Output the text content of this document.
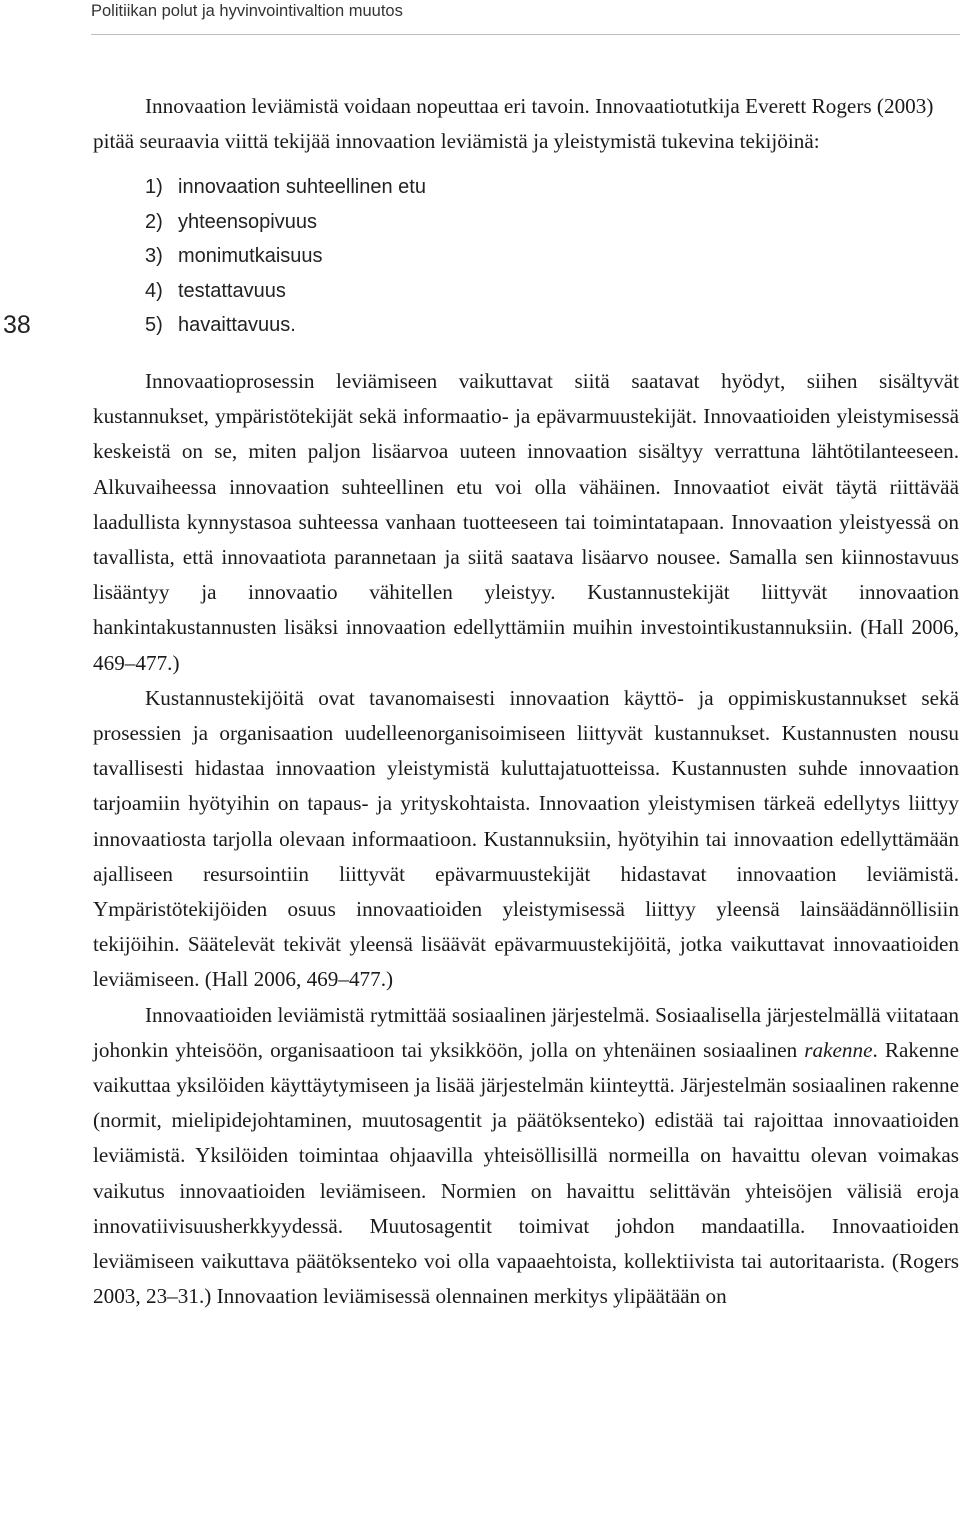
Politiikan polut ja hyvinvointivaltion muutos
38

Innovaation leviämistä voidaan nopeuttaa eri tavoin. Innovaatiotutkija Everett Rogers (2003) pitää seuraavia viittä tekijää innovaation leviämistä ja yleistymistä tukevina tekijöinä:

1) innovaation suhteellinen etu
2) yhteensopivuus
3) monimutkaisuus
4) testattavuus
5) havaittavuus.

Innovaatioprosessin leviämiseen vaikuttavat siitä saatavat hyödyt, siihen sisältyvät kustannukset, ympäristötekijät sekä informaatio- ja epävarmuustekijät. Innovaatioiden yleistymisessä keskeistä on se, miten paljon lisäarvoa uuteen innovaation sisältyy verrattuna lähtötilanteeseen. Alkuvaiheessa innovaation suhteellinen etu voi olla vähäinen. Innovaatiot eivät täytä riittävää laadullista kynnystasoa suhteessa vanhaan tuotteeseen tai toimintatapaan. Innovaation yleistyessä on tavallista, että innovaatiota parannetaan ja siitä saatava lisäarvo nousee. Samalla sen kiinnostavuus lisääntyy ja innovaatio vähitellen yleistyy. Kustannustekijät liittyvät innovaation hankintakustannusten lisäksi innovaation edellyttämiin muihin investointikustannuksiin. (Hall 2006, 469–477.)

Kustannustekijöitä ovat tavanomaisesti innovaation käyttö- ja oppimiskustannukset sekä prosessien ja organisaation uudelleenorganisoimiseen liittyvät kustannukset. Kustannusten nousu tavallisesti hidastaa innovaation yleistymistä kuluttajatuotteissa. Kustannusten suhde innovaation tarjoamiin hyötyihin on tapaus- ja yrityskohtaista. Innovaation yleistymisen tärkeä edellytys liittyy innovaatiosta tarjolla olevaan informaatioon. Kustannuksiin, hyötyihin tai innovaation edellyttämään ajalliseen resursointiin liittyvät epävarmuustekijät hidastavat innovaation leviämistä. Ympäristötekijöiden osuus innovaatioiden yleistymisessä liittyy yleensä lainsäädännöllisiin tekijöihin. Säätelevät tekivät yleensä lisäävät epävarmuustekijöitä, jotka vaikuttavat innovaatioiden leviämiseen. (Hall 2006, 469–477.)

Innovaatioiden leviämistä rytmittää sosiaalinen järjestelmä. Sosiaalisella järjestelmällä viitataan johonkin yhteisöön, organisaatioon tai yksikköön, jolla on yhtenäinen sosiaalinen rakenne. Rakenne vaikuttaa yksilöiden käyttäytymiseen ja lisää järjestelmän kiinteyttä. Järjestelmän sosiaalinen rakenne (normit, mielipidejohtaminen, muutosagentit ja päätöksenteko) edistää tai rajoittaa innovaatioiden leviämistä. Yksilöiden toimintaa ohjaavilla yhteisöllisillä normeilla on havaittu olevan voimakas vaikutus innovaatioiden leviämiseen. Normien on havaittu selittävän yhteisöjen välisiä eroja innovatiivisuusherkkyydessä. Muutosagentit toimivat johdon mandaatilla. Innovaatioiden leviämiseen vaikuttava päätöksenteko voi olla vapaaehtoista, kollektiivista tai autoritaarista. (Rogers 2003, 23–31.) Innovaation leviämisessä olennainen merkitys ylipäätään on
